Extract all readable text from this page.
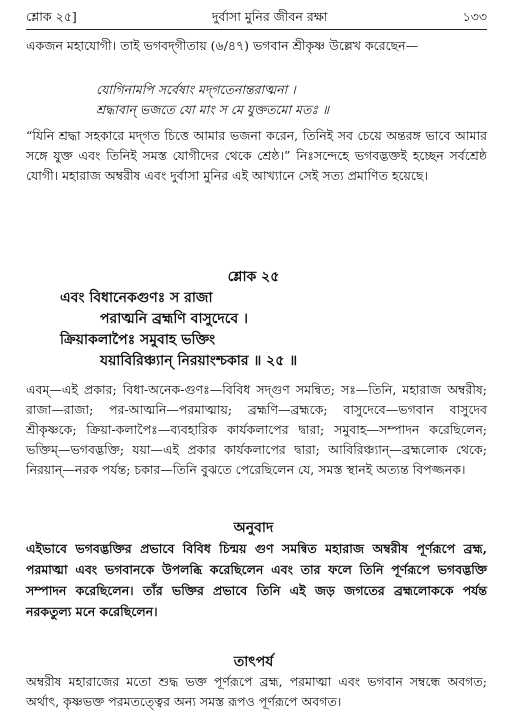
শ্লোক ২৫]	দুর্বাসা মুনির জীবন রক্ষা	১৩৩
একজন মহাযোগী। তাই ভগবদ্‌গীতায় (৬/৪৭) ভগবান শ্রীকৃষ্ণ উল্লেখ করেছেন—
যোগিনামপি সর্বেষাং মদ্‌গতেনান্তরাত্মনা ।
শ্রদ্ধাবান্ ভজতে যো মাং স মে যুক্ততমো মতঃ ॥
“যিনি শ্রদ্ধা সহকারে মদ্‌গত চিত্তে আমার ভজনা করেন, তিনিই সব চেয়ে অন্তরঙ্গ ভাবে আমার সঙ্গে যুক্ত এবং তিনিই সমস্ত যোগীদের থেকে শ্রেষ্ঠ।” নিঃসন্দেহে ভগবদ্ভক্তই হচ্ছেন সর্বশ্রেষ্ঠ যোগী। মহারাজ অম্বরীষ এবং দুর্বাসা মুনির এই আখ্যানে সেই সত্য প্রমাণিত হয়েছে।
শ্লোক ২৫
এবং বিধানেকগুণঃ স রাজা
পরাত্মনি ব্রহ্মণি বাসুদেবে ।
ক্রিয়াকলাপৈঃ সমুবাহ ভক্তিং
যয়াবিরিঞ্চ্যান্ নিরয়াংশ্চকার ॥ ২৫ ॥
এবম্—এই প্রকার; বিধা-অনেক-গুণঃ—বিবিধ সদ্‌গুণ সমন্বিত; সঃ—তিনি, মহারাজ অম্বরীষ; রাজা—রাজা; পর-আত্মনি—পরমাত্মায়; ব্রহ্মণি—ব্রহ্মকে; বাসুদেবে—ভগবান বাসুদেব শ্রীকৃষ্ণকে; ক্রিয়া-কলাপৈঃ—ব্যবহারিক কার্যকলাপের দ্বারা; সমুবাহ—সম্পাদন করেছিলেন; ভক্তিম্—ভগবদ্ভক্তি; যয়া—এই প্রকার কার্যকলাপের দ্বারা; আবিরিঞ্চ্যান্—ব্রহ্মলোক থেকে; নিরয়ান্—নরক পর্যন্ত; চকার—তিনি বুঝতে পেরেছিলেন যে, সমস্ত স্থানই অত্যন্ত বিপজ্জনক।
অনুবাদ
এইভাবে ভগবদ্ভক্তির প্রভাবে বিবিধ চিন্ময় গুণ সমন্বিত মহারাজ অম্বরীষ পূর্ণরূপে ব্রহ্ম, পরমাত্মা এবং ভগবানকে উপলব্ধি করেছিলেন এবং তার ফলে তিনি পূর্ণরূপে ভগবদ্ভক্তি সম্পাদন করেছিলেন। তাঁর ভক্তির প্রভাবে তিনি এই জড় জগতের ব্রহ্মলোককে পর্যন্ত নরকতুল্য মনে করেছিলেন।
তাৎপর্য
অম্বরীষ মহারাজের মতো শুদ্ধ ভক্ত পূর্ণরূপে ব্রহ্ম, পরমাত্মা এবং ভগবান সম্বন্ধে অবগত; অর্থাৎ, কৃষ্ণভক্ত পরমতত্ত্বের অন্য সমস্ত রূপও পূর্ণরূপে অবগত।
